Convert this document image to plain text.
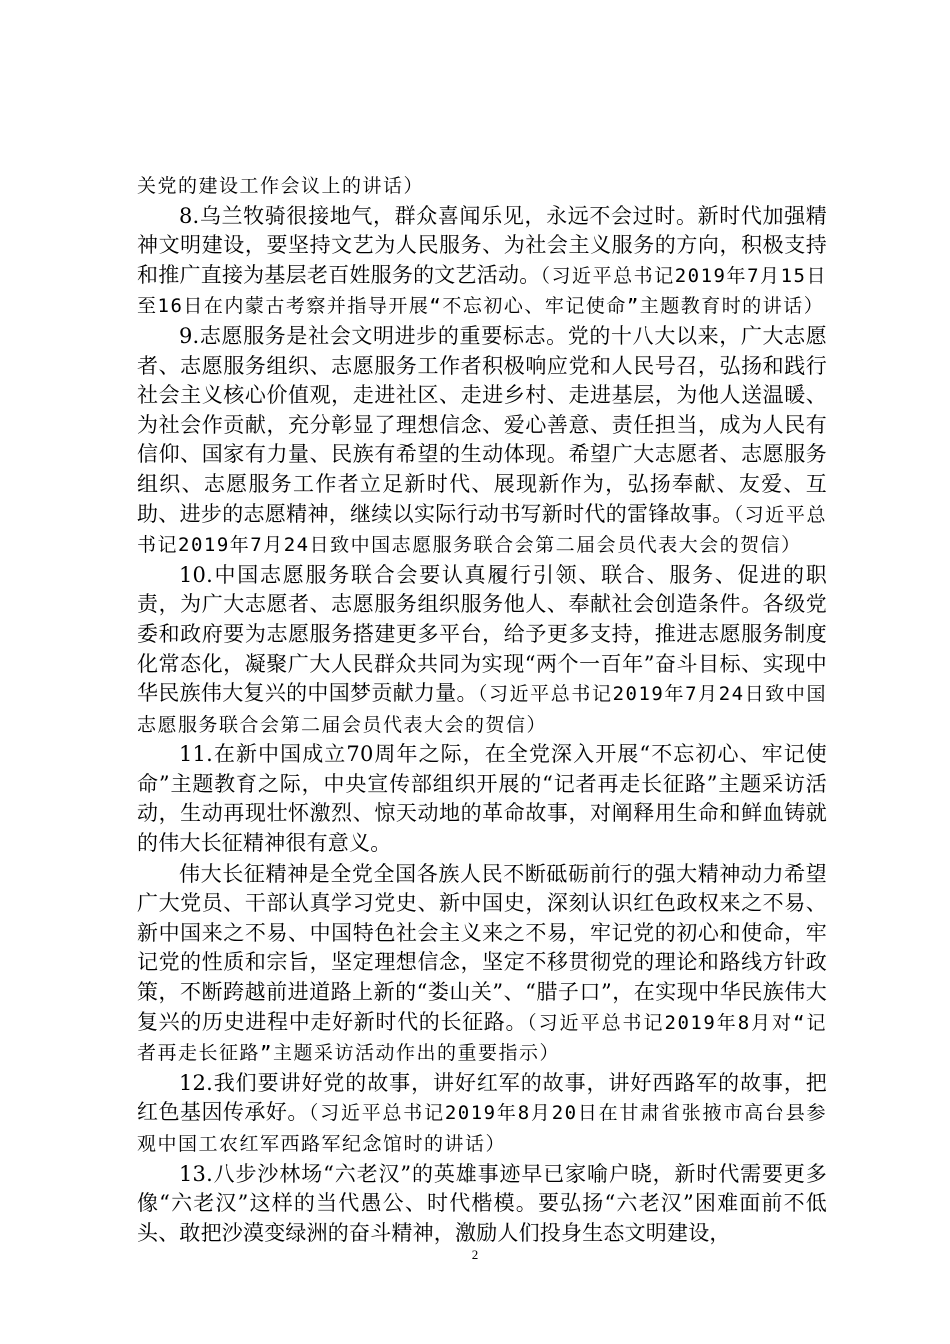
关党的建设工作会议上的讲话）

8.乌兰牧骑很接地气，群众喜闻乐见，永远不会过时。新时代加强精神文明建设，要坚持文艺为人民服务、为社会主义服务的方向，积极支持和推广直接为基层老百姓服务的文艺活动。（习近平总书记2019年7月15日至16日在内蒙古考察并指导开展“不忘初心、牢记使命”主题教育时的讲话）

9.志愿服务是社会文明进步的重要标志。党的十八大以来，广大志愿者、志愿服务组织、志愿服务工作者积极响应党和人民号召，弘扬和践行社会主义核心价值观，走进社区、走进乡村、走进基层，为他人送温暖、为社会作贡献，充分彰显了理想信念、爱心善意、责任担当，成为人民有信仰、国家有力量、民族有希望的生动体现。希望广大志愿者、志愿服务组织、志愿服务工作者立足新时代、展现新作为，弘扬奉献、友爱、互助、进步的志愿精神，继续以实际行动书写新时代的雷锋故事。（习近平总书记2019年7月24日致中国志愿服务联合会第二届会员代表大会的贺信）

10.中国志愿服务联合会要认真履行引领、联合、服务、促进的职责，为广大志愿者、志愿服务组织服务他人、奉献社会创造条件。各级党委和政府要为志愿服务搭建更多平台，给予更多支持，推进志愿服务制度化常态化，凝聚广大人民群众共同为实现“两个一百年”奋斗目标、实现中华民族伟大复兴的中国梦贡献力量。（习近平总书记2019年7月24日致中国志愿服务联合会第二届会员代表大会的贺信）

11.在新中国成立70周年之际，在全党深入开展“不忘初心、牢记使命”主题教育之际，中央宣传部组织开展的“记者再走长征路”主题采访活动，生动再现壮怀激烈、惊天动地的革命故事，对阐释用生命和鲜血铸就的伟大长征精神很有意义。

伟大长征精神是全党全国各族人民不断砥砺前行的强大精神动力希望广大党员、干部认真学习党史、新中国史，深刻认识红色政权来之不易、新中国来之不易、中国特色社会主义来之不易，牢记党的初心和使命，牢记党的性质和宗旨，坚定理想信念，坚定不移贯彻党的理论和路线方针政策，不断跨越前进道路上新的“娄山关”、“腊子口”，在实现中华民族伟大复兴的历史进程中走好新时代的长征路。（习近平总书记2019年8月对“记者再走长征路”主题采访活动作出的重要指示）

12.我们要讲好党的故事，讲好红军的故事，讲好西路军的故事，把红色基因传承好。（习近平总书记2019年8月20日在甘肃省张掖市高台县参观中国工农红军西路军纪念馆时的讲话）

13.八步沙林场“六老汉”的英雄事迹早已家喻户晓，新时代需要更多像“六老汉”这样的当代愚公、时代楷模。要弘扬“六老汉”困难面前不低头、敢把沙漠变绿洲的奋斗精神，激励人们投身生态文明建设，

2
